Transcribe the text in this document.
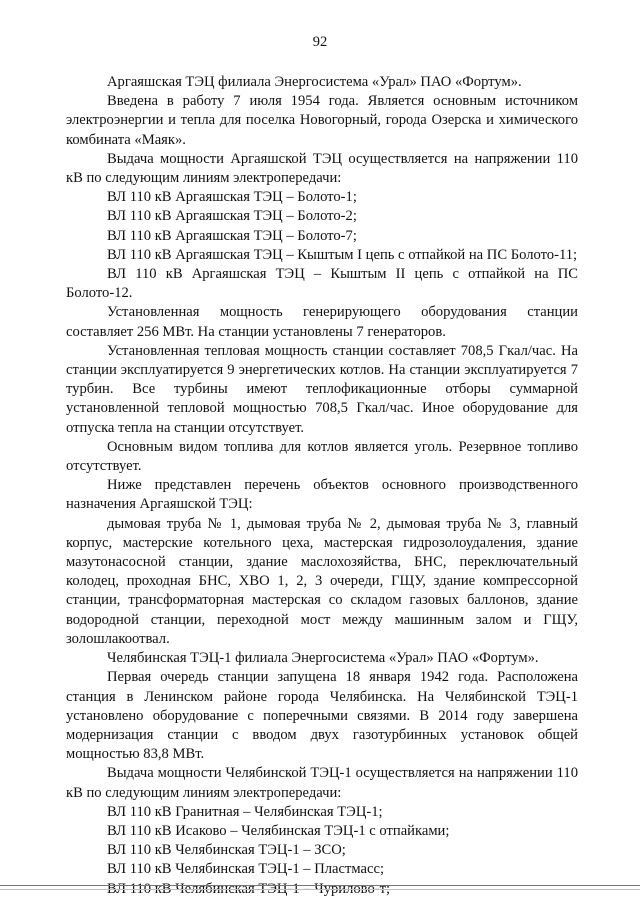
92

Аргаяшская ТЭЦ филиала Энергосистема «Урал» ПАО «Фортум».

Введена в работу 7 июля 1954 года. Является основным источником электроэнергии и тепла для поселка Новогорный, города Озерска и химического комбината «Маяк».

Выдача мощности Аргаяшской ТЭЦ осуществляется на напряжении 110 кВ по следующим линиям электропередачи:

ВЛ 110 кВ Аргаяшская ТЭЦ – Болото-1;

ВЛ 110 кВ Аргаяшская ТЭЦ – Болото-2;

ВЛ 110 кВ Аргаяшская ТЭЦ – Болото-7;

ВЛ 110 кВ Аргаяшская ТЭЦ – Кыштым I цепь с отпайкой на ПС Болото-11;

ВЛ 110 кВ Аргаяшская ТЭЦ – Кыштым II цепь с отпайкой на ПС Болото-12.

Установленная мощность генерирующего оборудования станции составляет 256 МВт. На станции установлены 7 генераторов.

Установленная тепловая мощность станции составляет 708,5 Гкал/час. На станции эксплуатируется 9 энергетических котлов. На станции эксплуатируется 7 турбин. Все турбины имеют теплофикационные отборы суммарной установленной тепловой мощностью 708,5 Гкал/час. Иное оборудование для отпуска тепла на станции отсутствует.

Основным видом топлива для котлов является уголь. Резервное топливо отсутствует.

Ниже представлен перечень объектов основного производственного назначения Аргаяшской ТЭЦ:

дымовая труба № 1, дымовая труба № 2, дымовая труба № 3, главный корпус, мастерские котельного цеха, мастерская гидрозолоудаления, здание мазутонасосной станции, здание маслохозяйства, БНС, переключательный колодец, проходная БНС, ХВО 1, 2, 3 очереди, ГЩУ, здание компрессорной станции, трансформаторная мастерская со складом газовых баллонов, здание водородной станции, переходной мост между машинным залом и ГЩУ, золошлакоотвал.

Челябинская ТЭЦ-1 филиала Энергосистема «Урал» ПАО «Фортум».

Первая очередь станции запущена 18 января 1942 года. Расположена станция в Ленинском районе города Челябинска. На Челябинской ТЭЦ-1 установлено оборудование с поперечными связями. В 2014 году завершена модернизация станции с вводом двух газотурбинных установок общей мощностью 83,8 МВт.

Выдача мощности Челябинской ТЭЦ-1 осуществляется на напряжении 110 кВ по следующим линиям электропередачи:

ВЛ 110 кВ Гранитная – Челябинская ТЭЦ-1;

ВЛ 110 кВ Исаково – Челябинская ТЭЦ-1 с отпайками;

ВЛ 110 кВ Челябинская ТЭЦ-1 – ЗСО;

ВЛ 110 кВ Челябинская ТЭЦ-1 – Пластмасс;

ВЛ 110 кВ Челябинская ТЭЦ-1 – Чурилово-т;
